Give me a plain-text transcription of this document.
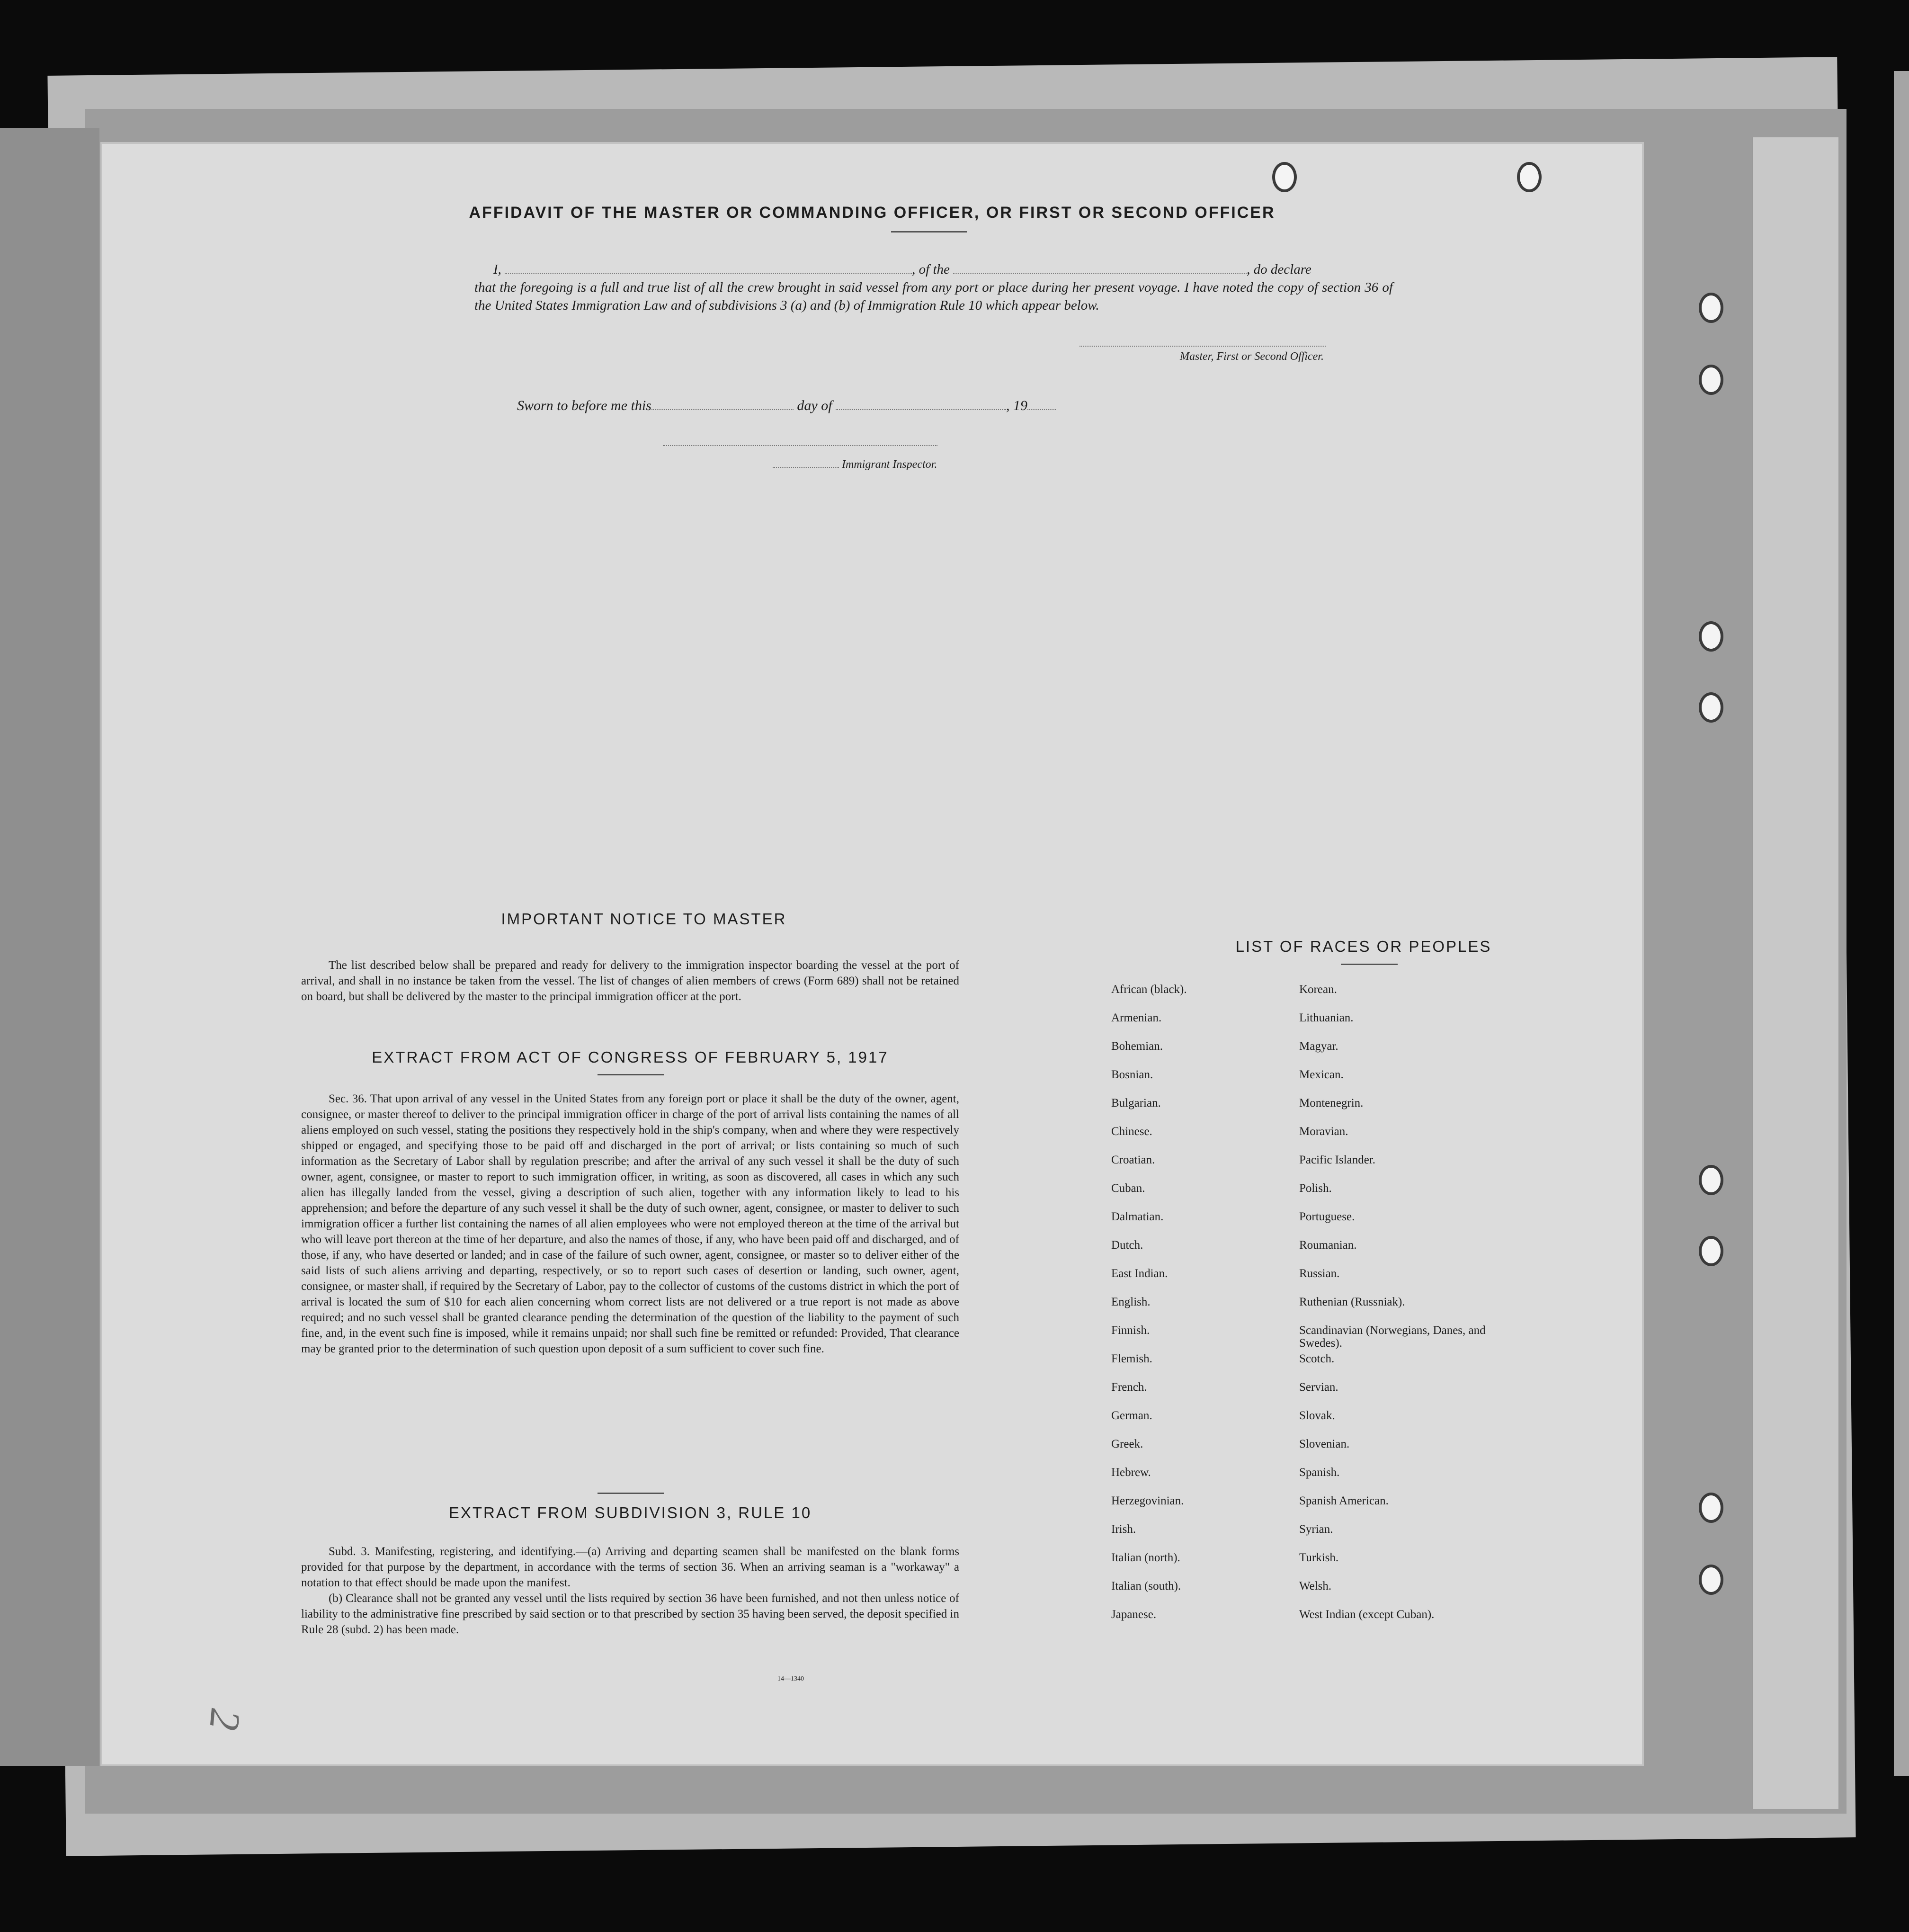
AFFIDAVIT OF THE MASTER OR COMMANDING OFFICER, OR FIRST OR SECOND OFFICER
I,	, of the	, do declare
that the foregoing is a full and true list of all the crew brought in said vessel from any port or place during her present voyage. I have noted the copy of section 36 of the United States Immigration Law and of subdivisions 3 (a) and (b) of Immigration Rule 10 which appear below.
Master, First or Second Officer.
Sworn to before me this	day of	, 19
Immigrant Inspector.
IMPORTANT NOTICE TO MASTER

The list described below shall be prepared and ready for delivery to the immigration inspector boarding the vessel at the port of arrival, and shall in no instance be taken from the vessel. The list of changes of alien members of crews (Form 689) shall not be retained on board, but shall be delivered by the master to the principal immigration officer at the port.

EXTRACT FROM ACT OF CONGRESS OF FEBRUARY 5, 1917

Sec. 36. That upon arrival of any vessel in the United States from any foreign port or place it shall be the duty of the owner, agent, consignee, or master thereof to deliver to the principal immigration officer in charge of the port of arrival lists containing the names of all aliens employed on such vessel, stating the positions they respectively hold in the ship's company, when and where they were respectively shipped or engaged, and specifying those to be paid off and discharged in the port of arrival; or lists containing so much of such information as the Secretary of Labor shall by regulation prescribe; and after the arrival of any such vessel it shall be the duty of such owner, agent, consignee, or master to report to such immigration officer, in writing, as soon as discovered, all cases in which any such alien has illegally landed from the vessel, giving a description of such alien, together with any information likely to lead to his apprehension; and before the departure of any such vessel it shall be the duty of such owner, agent, consignee, or master to deliver to such immigration officer a further list containing the names of all alien employees who were not employed thereon at the time of the arrival but who will leave port thereon at the time of her departure, and also the names of those, if any, who have been paid off and discharged, and of those, if any, who have deserted or landed; and in case of the failure of such owner, agent, consignee, or master so to deliver either of the said lists of such aliens arriving and departing, respectively, or so to report such cases of desertion or landing, such owner, agent, consignee, or master shall, if required by the Secretary of Labor, pay to the collector of customs of the customs district in which the port of arrival is located the sum of $10 for each alien concerning whom correct lists are not delivered or a true report is not made as above required; and no such vessel shall be granted clearance pending the determination of the question of the liability to the payment of such fine, and, in the event such fine is imposed, while it remains unpaid; nor shall such fine be remitted or refunded: Provided, That clearance may be granted prior to the determination of such question upon deposit of a sum sufficient to cover such fine.

EXTRACT FROM SUBDIVISION 3, RULE 10

Subd. 3. Manifesting, registering, and identifying.—(a) Arriving and departing seamen shall be manifested on the blank forms provided for that purpose by the department, in accordance with the terms of section 36. When an arriving seaman is a "workaway" a notation to that effect should be made upon the manifest.

(b) Clearance shall not be granted any vessel until the lists required by section 36 have been furnished, and not then unless notice of liability to the administrative fine prescribed by said section or to that prescribed by section 35 having been served, the deposit specified in Rule 28 (subd. 2) has been made.

14—1340
LIST OF RACES OR PEOPLES
African (black).	Korean.
Armenian.	Lithuanian.
Bohemian.	Magyar.
Bosnian.	Mexican.
Bulgarian.	Montenegrin.
Chinese.	Moravian.
Croatian.	Pacific Islander.
Cuban.	Polish.
Dalmatian.	Portuguese.
Dutch.	Roumanian.
East Indian.	Russian.
English.	Ruthenian (Russniak).
Finnish.	Scandinavian (Norwegians, Danes, and Swedes).
Flemish.	Scotch.
French.	Servian.
German.	Slovak.
Greek.	Slovenian.
Hebrew.	Spanish.
Herzegovinian.	Spanish American.
Irish.	Syrian.
Italian (north).	Turkish.
Italian (south).	Welsh.
Japanese.	West Indian (except Cuban).
2
